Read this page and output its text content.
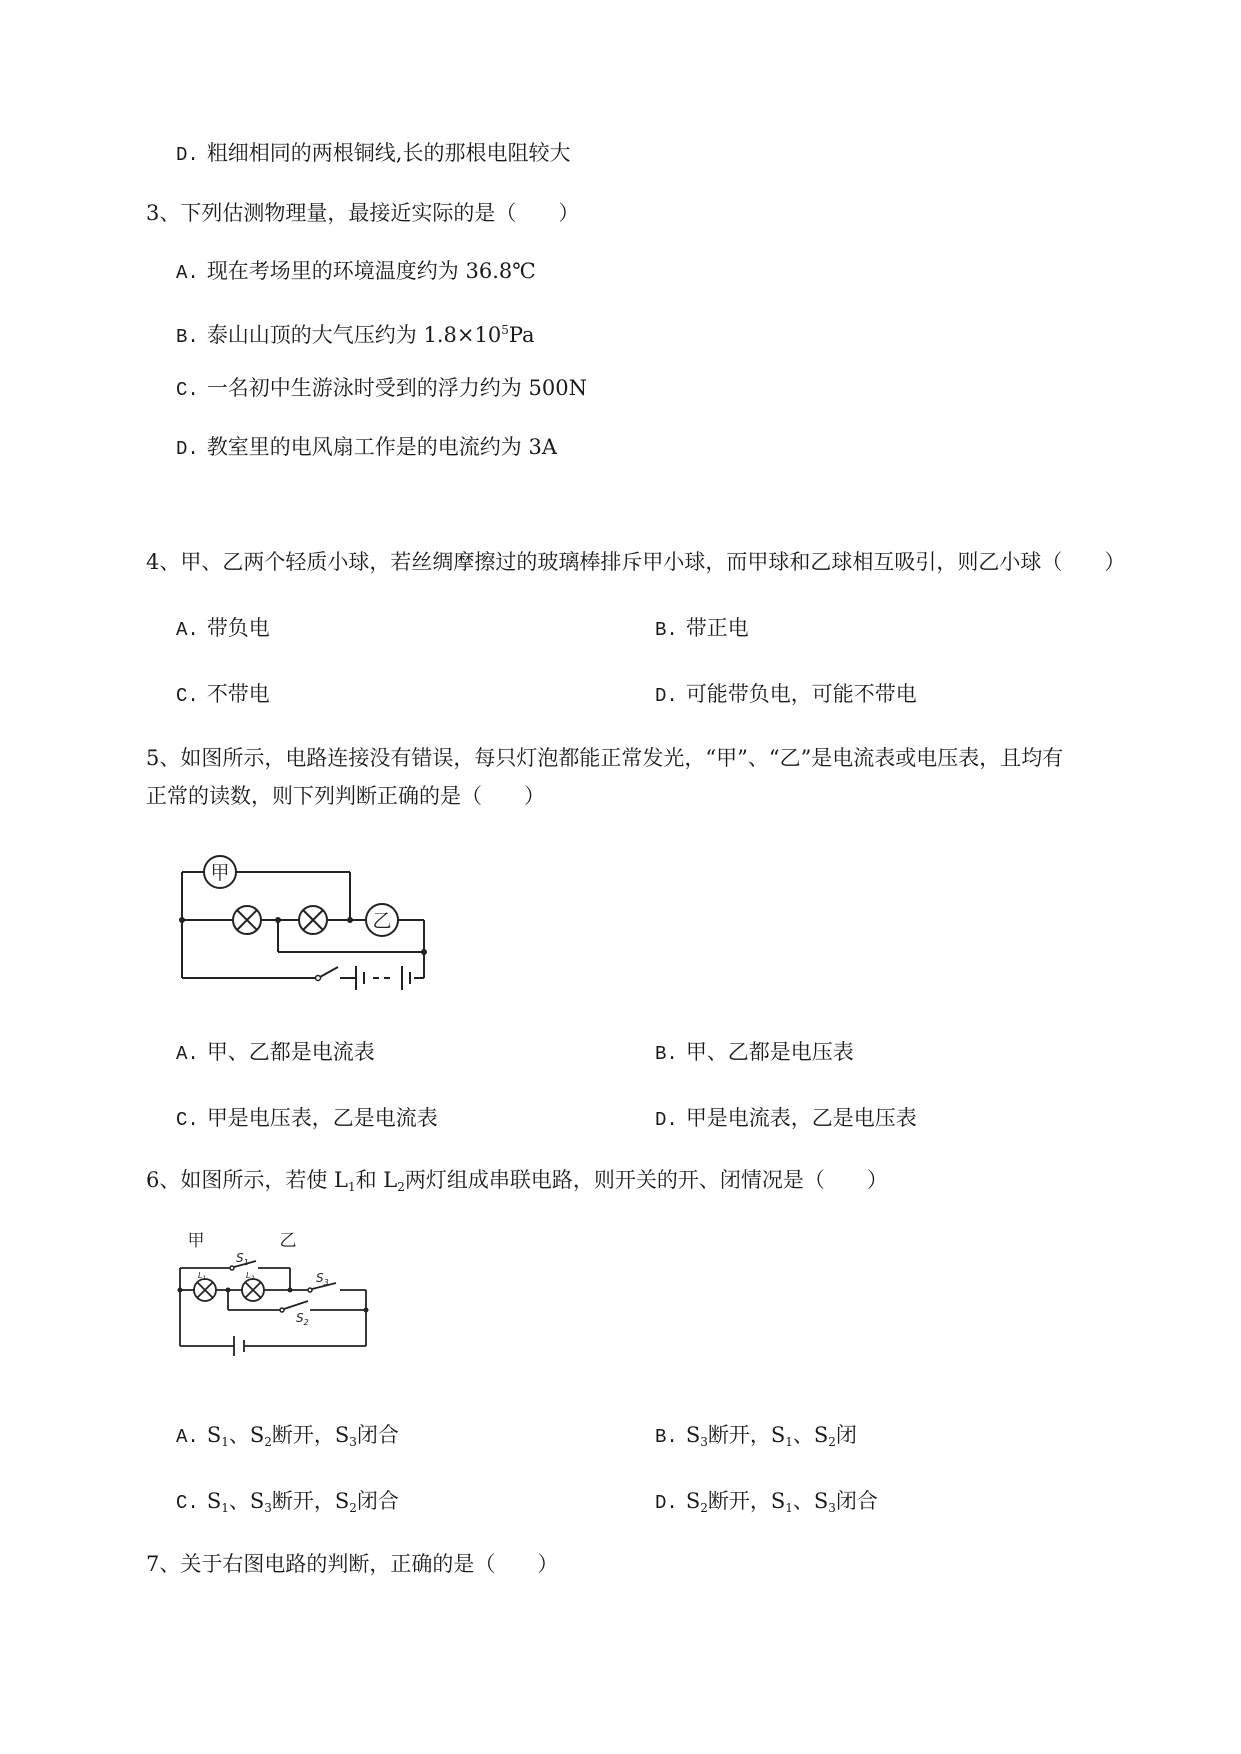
D. 粗细相同的两根铜线,长的那根电阻较大
3、下列估测物理量，最接近实际的是（　　）
A. 现在考场里的环境温度约为 36.8℃
B. 泰山山顶的大气压约为 $1.8\times 10^5Pa$
C. 一名初中生游泳时受到的浮力约为 500N
D. 教室里的电风扇工作是的电流约为 3A
4、甲、乙两个轻质小球，若丝绸摩擦过的玻璃棒排斥甲小球，而甲球和乙球相互吸引，则乙小球（　　）
A. 带负电	B. 带正电
C. 不带电	D. 可能带负电，可能不带电
5、如图所示，电路连接没有错误，每只灯泡都能正常发光，“甲”、“乙”是电流表或电压表，且均有
正常的读数，则下列判断正确的是（　　）
甲
乙
A. 甲、乙都是电流表	B. 甲、乙都是电压表
C. 甲是电压表，乙是电流表	D. 甲是电流表，乙是电压表
6、如图所示，若使 $L_1$和 $L_2$两灯组成串联电路，则开关的开、闭情况是（　　）
甲	乙
$S_1$
$S_3$
$S_2$
$L_1$	$L_2$
A. $S_1$、$S_2$断开，$S_3$闭合	B. $S_3$断开，$S_1$、$S_2$闭
C. $S_1$、$S_3$断开，$S_2$闭合	D. $S_2$断开，$S_1$、$S_3$闭合
7、关于右图电路的判断，正确的是（　　）
